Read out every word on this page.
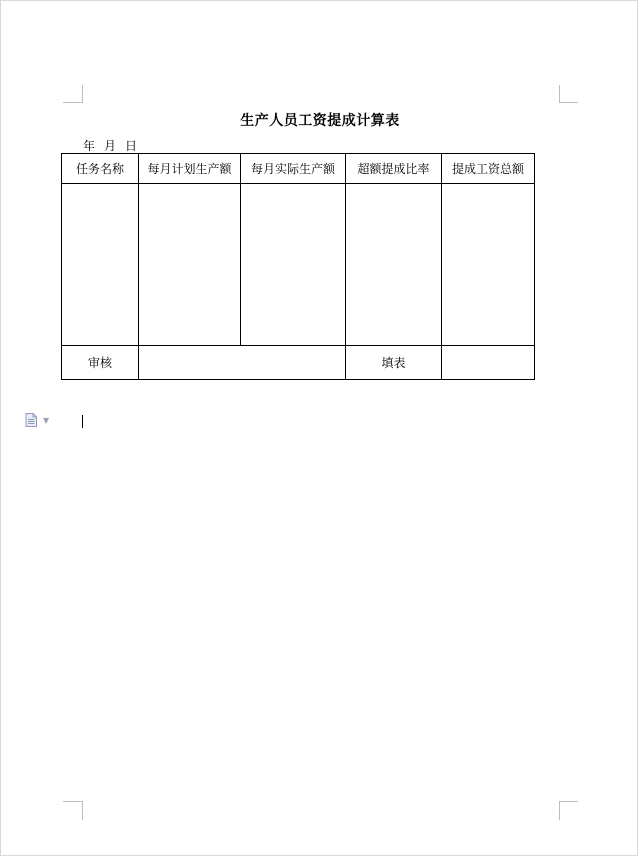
生产人员工资提成计算表
年 月 日
任务名称	每月计划生产额	每月实际生产额	超额提成比率	提成工资总额

审核			填表	
▼
